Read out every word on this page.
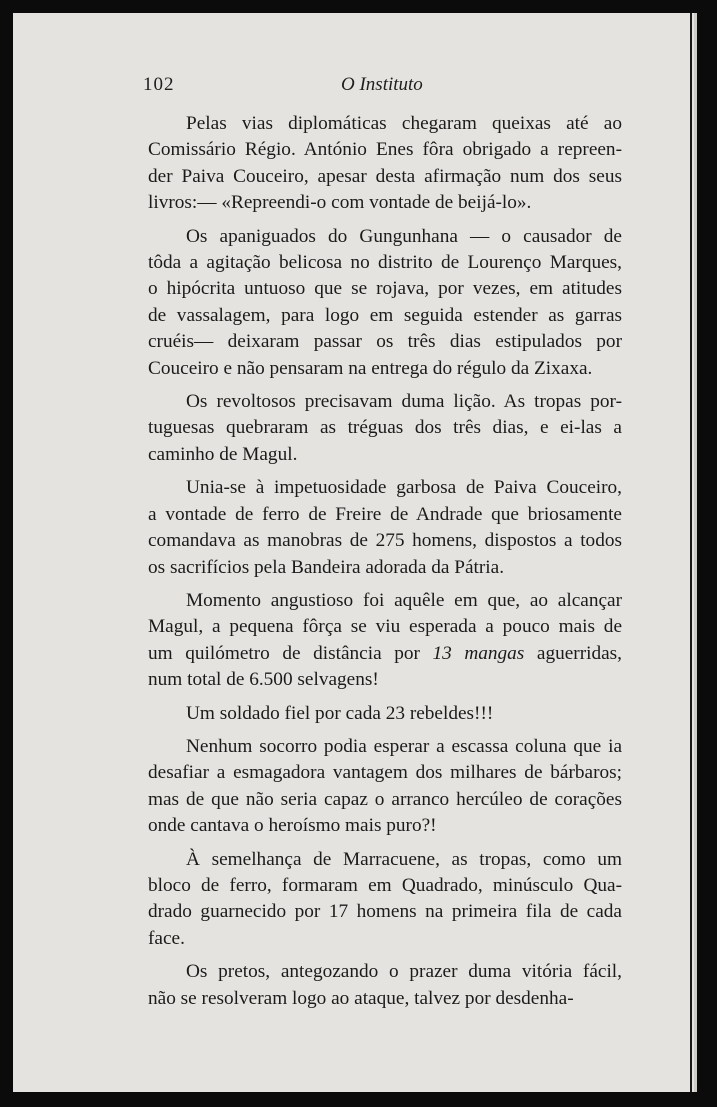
102	O Instituto

Pelas vias diplomáticas chegaram queixas até ao
Comissário Régio. António Enes fôra obrigado a repreen-
der Paiva Couceiro, apesar desta afirmação num dos seus
livros:— «Repreendi-o com vontade de beijá-lo».

Os apaniguados do Gungunhana — o causador de
tôda a agitação belicosa no distrito de Lourenço Marques,
o hipócrita untuoso que se rojava, por vezes, em atitudes
de vassalagem, para logo em seguida estender as garras
cruéis— deixaram passar os três dias estipulados por
Couceiro e não pensaram na entrega do régulo da Zixaxa.

Os revoltosos precisavam duma lição. As tropas por-
tuguesas quebraram as tréguas dos três dias, e ei-las a
caminho de Magul.

Unia-se à impetuosidade garbosa de Paiva Couceiro,
a vontade de ferro de Freire de Andrade que briosamente
comandava as manobras de 275 homens, dispostos a todos
os sacrifícios pela Bandeira adorada da Pátria.

Momento angustioso foi aquêle em que, ao alcançar
Magul, a pequena fôrça se viu esperada a pouco mais de
um quilómetro de distância por 13 mangas aguerridas,
num total de 6.500 selvagens!

Um soldado fiel por cada 23 rebeldes!!!

Nenhum socorro podia esperar a escassa coluna que ia
desafiar a esmagadora vantagem dos milhares de bárbaros;
mas de que não seria capaz o arranco hercúleo de corações
onde cantava o heroísmo mais puro?!

À semelhança de Marracuene, as tropas, como um
bloco de ferro, formaram em Quadrado, minúsculo Qua-
drado guarnecido por 17 homens na primeira fila de cada
face.

Os pretos, antegozando o prazer duma vitória fácil,
não se resolveram logo ao ataque, talvez por desdenha-
